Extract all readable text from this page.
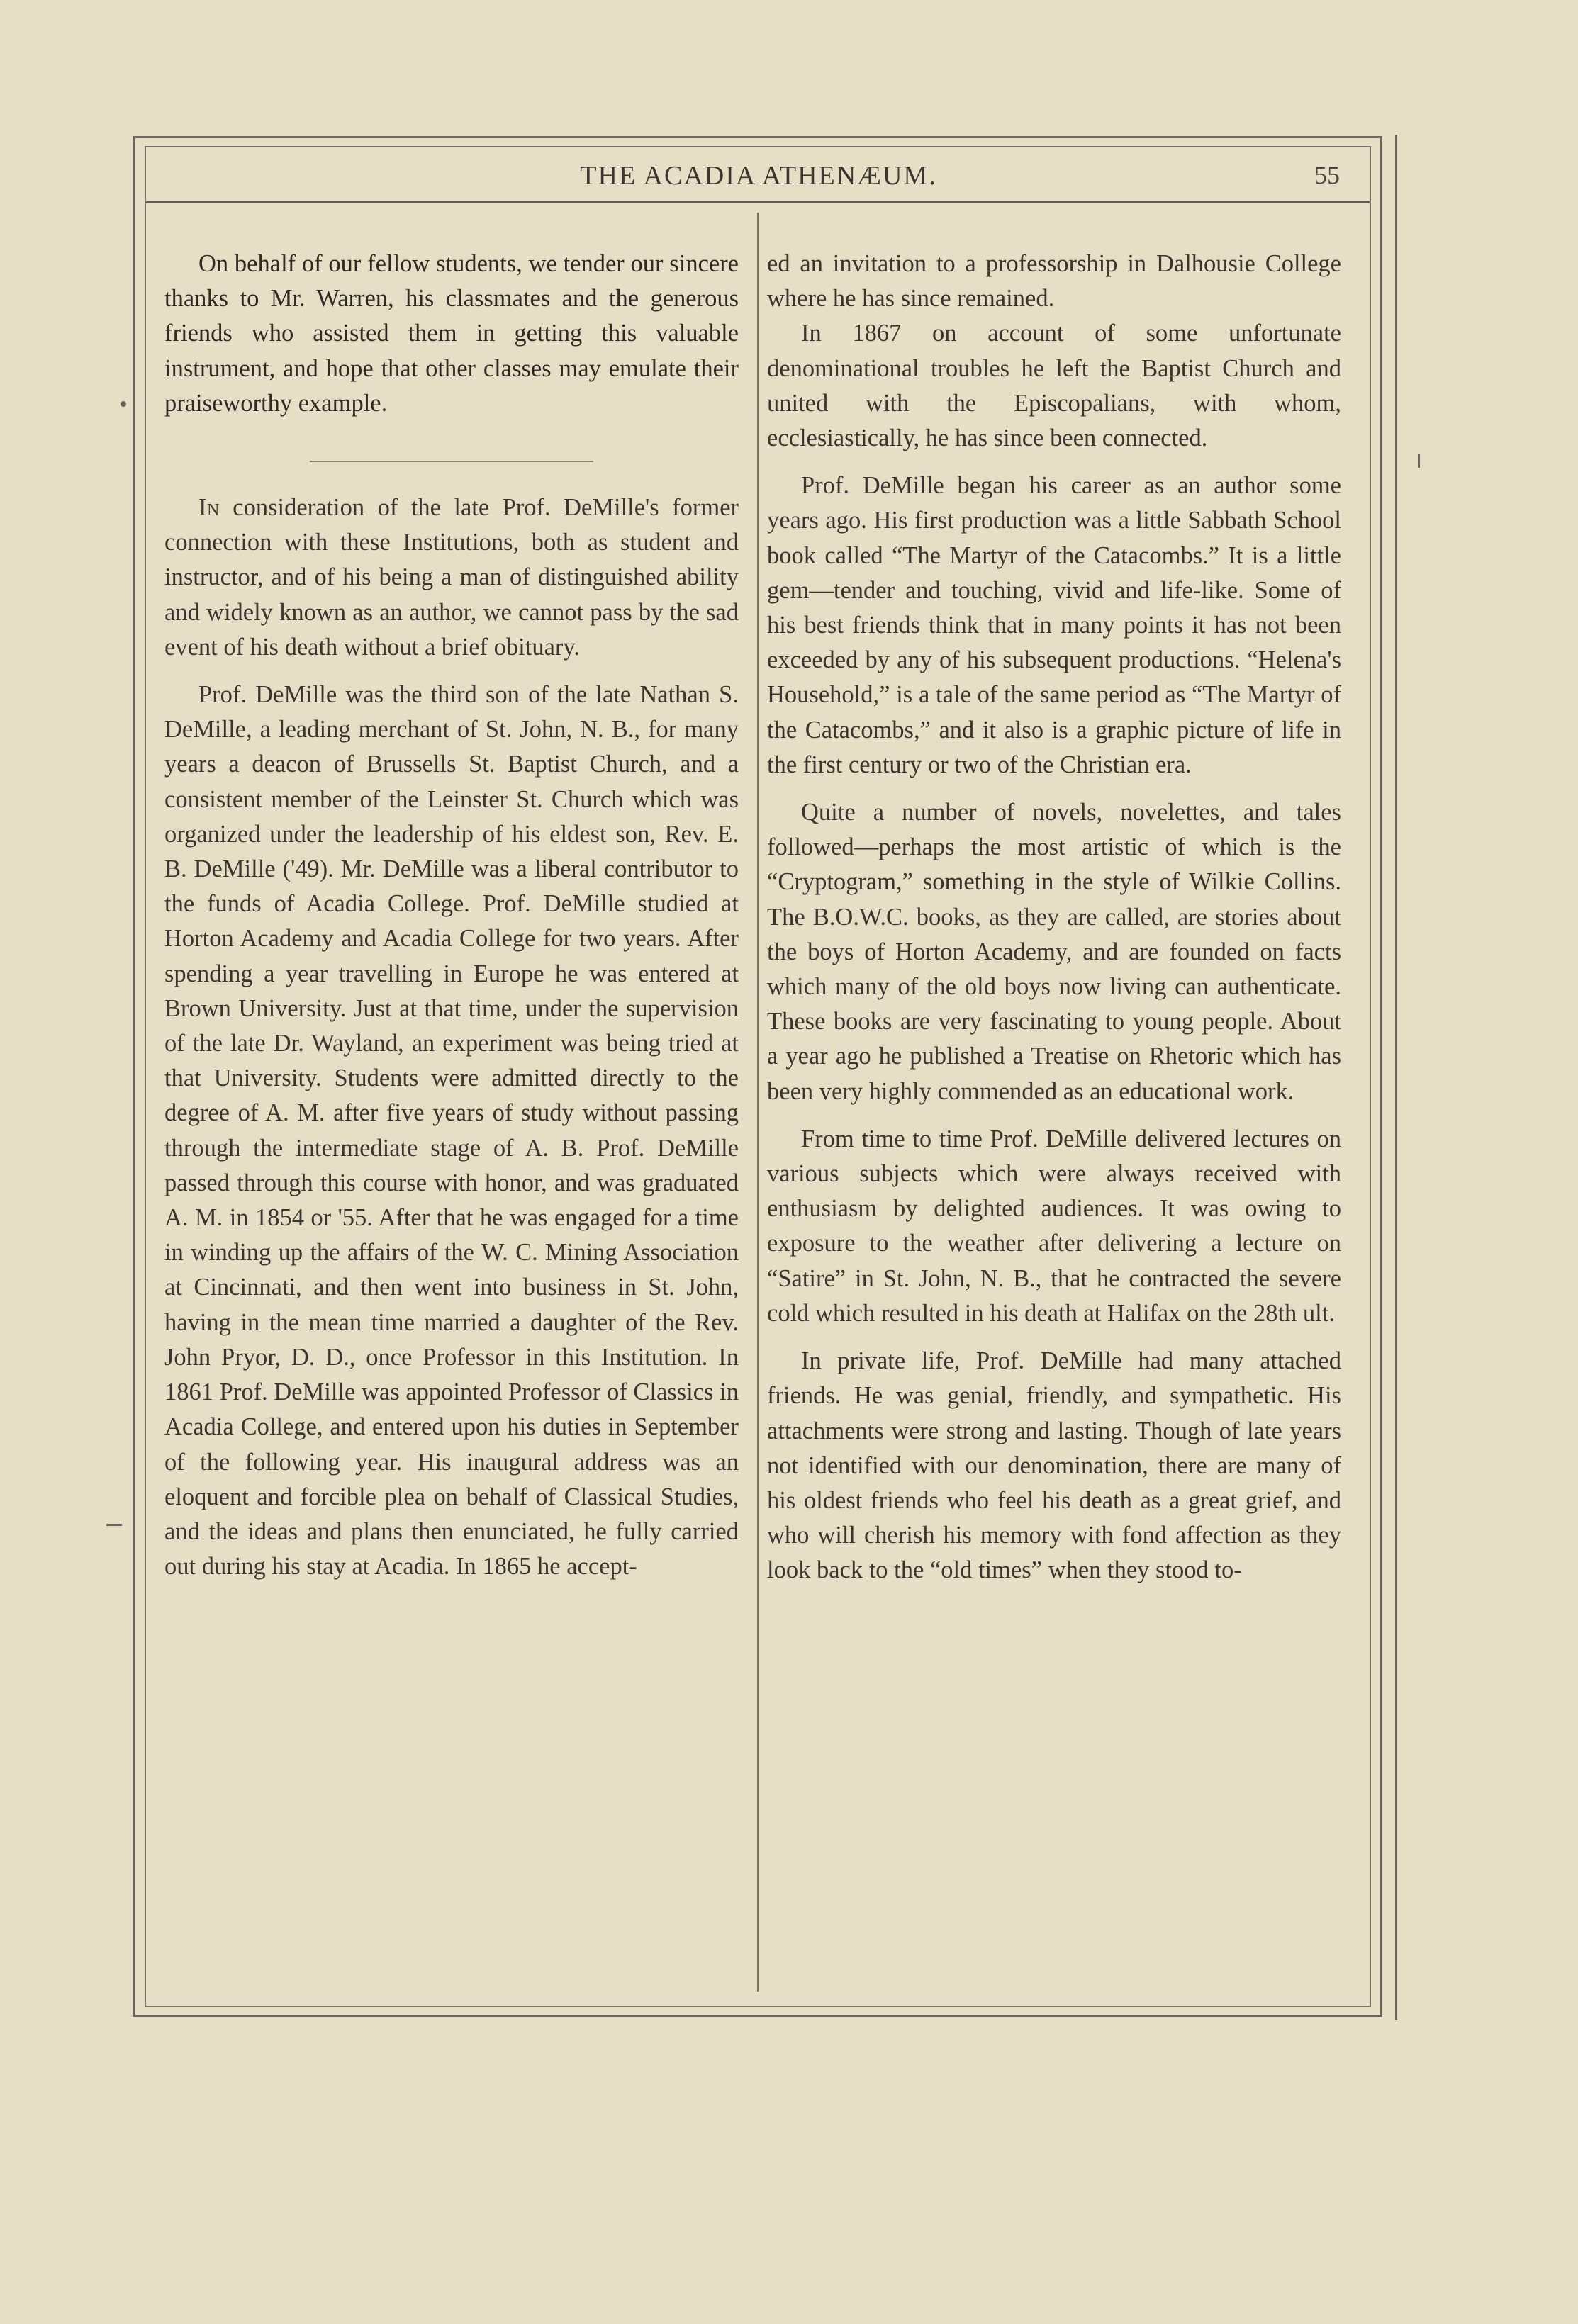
THE ACADIA ATHENÆUM.	55

On behalf of our fellow students, we tender our sincere thanks to Mr. Warren, his classmates and the generous friends who assisted them in getting this valuable instrument, and hope that other classes may emulate their praiseworthy example.

In consideration of the late Prof. DeMille's former connection with these Institutions, both as student and instructor, and of his being a man of distinguished ability and widely known as an author, we cannot pass by the sad event of his death without a brief obituary.

Prof. DeMille was the third son of the late Nathan S. DeMille, a leading merchant of St. John, N. B., for many years a deacon of Brussells St. Baptist Church, and a consistent member of the Leinster St. Church which was organized under the leadership of his eldest son, Rev. E. B. DeMille ('49). Mr. DeMille was a liberal contributor to the funds of Acadia College. Prof. DeMille studied at Horton Academy and Acadia College for two years. After spending a year travelling in Europe he was entered at Brown University. Just at that time, under the supervision of the late Dr. Wayland, an experiment was being tried at that University. Students were admitted directly to the degree of A. M. after five years of study without passing through the intermediate stage of A. B. Prof. DeMille passed through this course with honor, and was graduated A. M. in 1854 or '55. After that he was engaged for a time in winding up the affairs of the W. C. Mining Association at Cincinnati, and then went into business in St. John, having in the mean time married a daughter of the Rev. John Pryor, D. D., once Professor in this Institution. In 1861 Prof. DeMille was appointed Professor of Classics in Acadia College, and entered upon his duties in September of the following year. His inaugural address was an eloquent and forcible plea on behalf of Classical Studies, and the ideas and plans then enunciated, he fully carried out during his stay at Acadia. In 1865 he accept-

ed an invitation to a professorship in Dalhousie College where he has since remained.

In 1867 on account of some unfortunate denominational troubles he left the Baptist Church and united with the Episcopalians, with whom, ecclesiastically, he has since been connected.

Prof. DeMille began his career as an author some years ago. His first production was a little Sabbath School book called “The Martyr of the Catacombs.” It is a little gem—tender and touching, vivid and life-like. Some of his best friends think that in many points it has not been exceeded by any of his subsequent productions. “Helena's Household,” is a tale of the same period as “The Martyr of the Catacombs,” and it also is a graphic picture of life in the first century or two of the Christian era.

Quite a number of novels, novelettes, and tales followed—perhaps the most artistic of which is the “Cryptogram,” something in the style of Wilkie Collins. The B.O.W.C. books, as they are called, are stories about the boys of Horton Academy, and are founded on facts which many of the old boys now living can authenticate. These books are very fascinating to young people. About a year ago he published a Treatise on Rhetoric which has been very highly commended as an educational work.

From time to time Prof. DeMille delivered lectures on various subjects which were always received with enthusiasm by delighted audiences. It was owing to exposure to the weather after delivering a lecture on “Satire” in St. John, N. B., that he contracted the severe cold which resulted in his death at Halifax on the 28th ult.

In private life, Prof. DeMille had many attached friends. He was genial, friendly, and sympathetic. His attachments were strong and lasting. Though of late years not identified with our denomination, there are many of his oldest friends who feel his death as a great grief, and who will cherish his memory with fond affection as they look back to the “old times” when they stood to-
